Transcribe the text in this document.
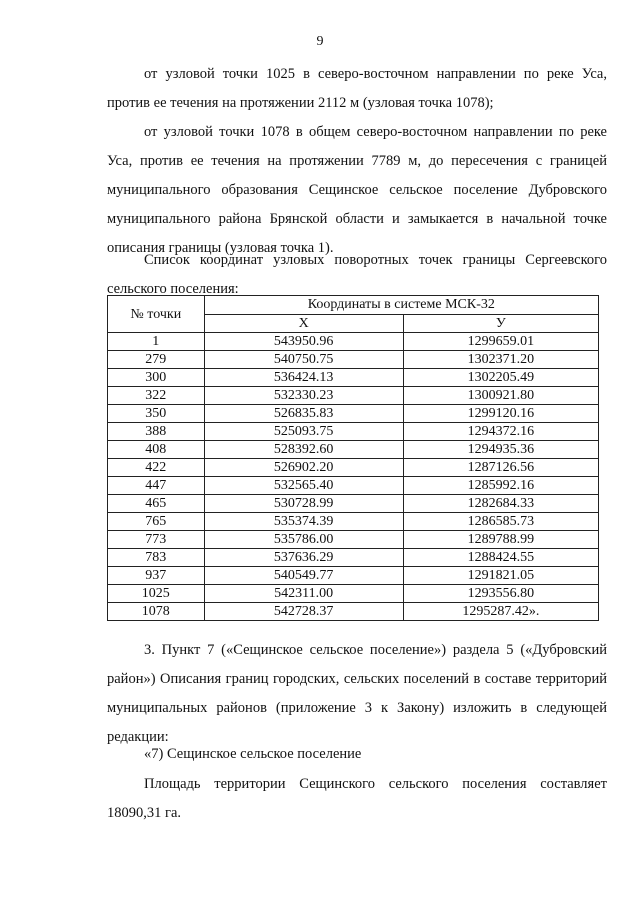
9

от узловой точки 1025 в северо-восточном направлении по реке Уса, против ее течения на протяжении 2112 м (узловая точка 1078);

от узловой точки 1078 в общем северо-восточном направлении по реке Уса, против ее течения на протяжении 7789 м, до пересечения с границей муниципального образования Сещинское сельское поселение Дубровского муниципального района Брянской области и замыкается в начальной точке описания границы (узловая точка 1).

Список координат узловых поворотных точек границы Сергеевского сельского поселения:

№ точки	Координаты в системе МСК-32	
	X	У
1	543950.96	1299659.01
279	540750.75	1302371.20
300	536424.13	1302205.49
322	532330.23	1300921.80
350	526835.83	1299120.16
388	525093.75	1294372.16
408	528392.60	1294935.36
422	526902.20	1287126.56
447	532565.40	1285992.16
465	530728.99	1282684.33
765	535374.39	1286585.73
773	535786.00	1289788.99
783	537636.29	1288424.55
937	540549.77	1291821.05
1025	542311.00	1293556.80
1078	542728.37	1295287.42».

3. Пункт 7 («Сещинское сельское поселение») раздела 5 («Дубровский район») Описания границ городских, сельских поселений в составе территорий муниципальных районов (приложение 3 к Закону) изложить в следующей редакции:

«7) Сещинское сельское поселение

Площадь территории Сещинского сельского поселения составляет 18090,31 га.
